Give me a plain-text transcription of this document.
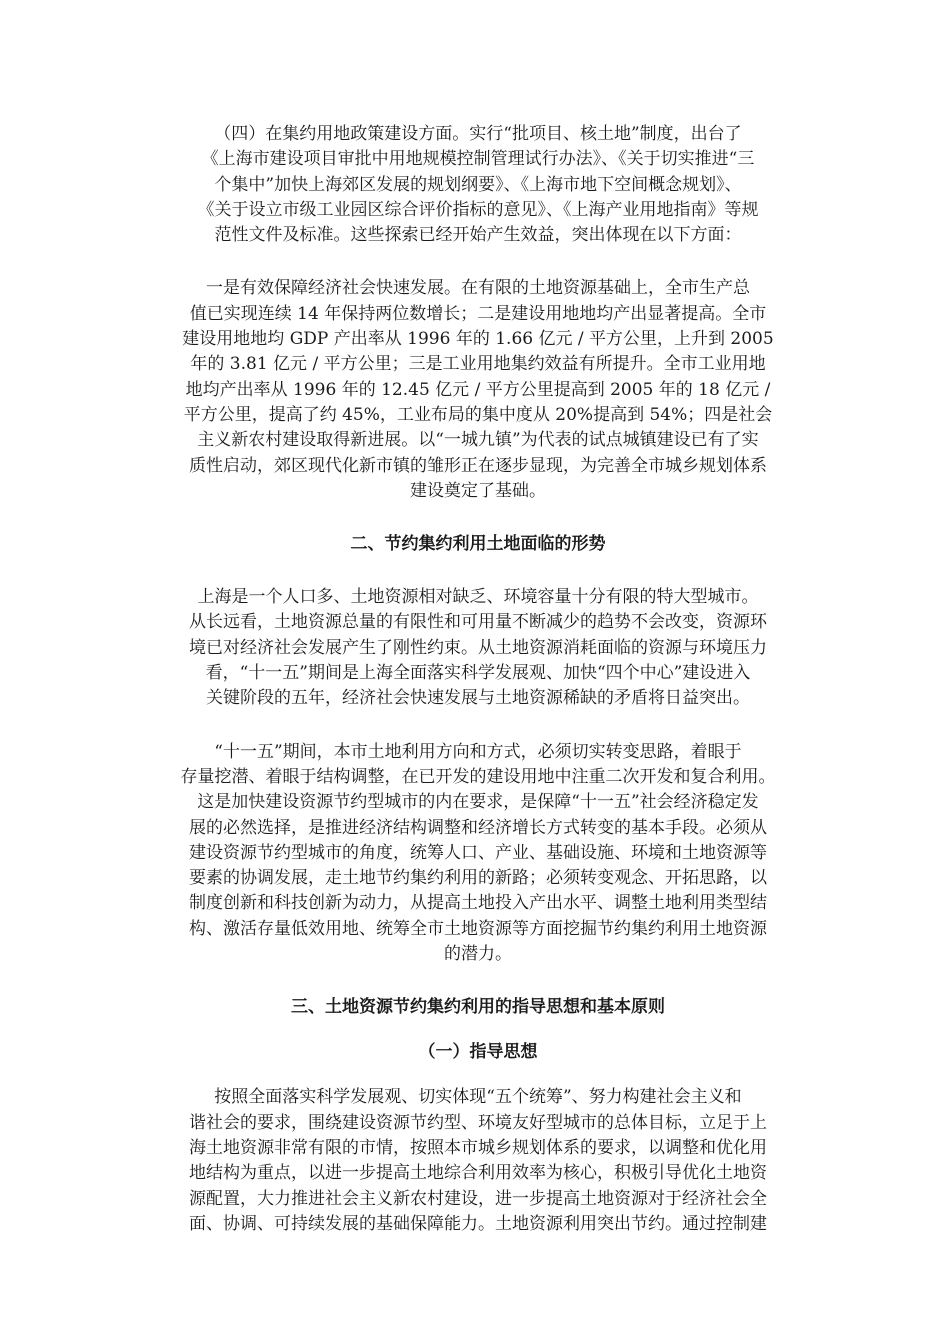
（四）在集约用地政策建设方面。实行“批项目、核土地”制度，出台了
《上海市建设项目审批中用地规模控制管理试行办法》、《关于切实推进“三
个集中”加快上海郊区发展的规划纲要》、《上海市地下空间概念规划》、
《关于设立市级工业园区综合评价指标的意见》、《上海产业用地指南》等规
范性文件及标准。这些探索已经开始产生效益，突出体现在以下方面：

一是有效保障经济社会快速发展。在有限的土地资源基础上，全市生产总
值已实现连续 14 年保持两位数增长；二是建设用地地均产出显著提高。全市
建设用地地均 GDP 产出率从 1996 年的 1.66 亿元 / 平方公里，上升到 2005
年的 3.81 亿元 / 平方公里；三是工业用地集约效益有所提升。全市工业用地
地均产出率从 1996 年的 12.45 亿元 / 平方公里提高到 2005 年的 18 亿元 /
平方公里，提高了约 45%，工业布局的集中度从 20%提高到 54%；四是社会
主义新农村建设取得新进展。以“一城九镇”为代表的试点城镇建设已有了实
质性启动，郊区现代化新市镇的雏形正在逐步显现，为完善全市城乡规划体系
建设奠定了基础。

二、节约集约利用土地面临的形势

上海是一个人口多、土地资源相对缺乏、环境容量十分有限的特大型城市。
从长远看，土地资源总量的有限性和可用量不断减少的趋势不会改变，资源环
境已对经济社会发展产生了刚性约束。从土地资源消耗面临的资源与环境压力
看，“十一五”期间是上海全面落实科学发展观、加快“四个中心”建设进入
关键阶段的五年，经济社会快速发展与土地资源稀缺的矛盾将日益突出。

“十一五”期间，本市土地利用方向和方式，必须切实转变思路，着眼于
存量挖潜、着眼于结构调整，在已开发的建设用地中注重二次开发和复合利用。
这是加快建设资源节约型城市的内在要求，是保障“十一五”社会经济稳定发
展的必然选择，是推进经济结构调整和经济增长方式转变的基本手段。必须从
建设资源节约型城市的角度，统筹人口、产业、基础设施、环境和土地资源等
要素的协调发展，走土地节约集约利用的新路；必须转变观念、开拓思路，以
制度创新和科技创新为动力，从提高土地投入产出水平、调整土地利用类型结
构、激活存量低效用地、统筹全市土地资源等方面挖掘节约集约利用土地资源
的潜力。

三、土地资源节约集约利用的指导思想和基本原则
（一）指导思想

按照全面落实科学发展观、切实体现“五个统筹”、努力构建社会主义和
谐社会的要求，围绕建设资源节约型、环境友好型城市的总体目标，立足于上
海土地资源非常有限的市情，按照本市城乡规划体系的要求，以调整和优化用
地结构为重点，以进一步提高土地综合利用效率为核心，积极引导优化土地资
源配置，大力推进社会主义新农村建设，进一步提高土地资源对于经济社会全
面、协调、可持续发展的基础保障能力。土地资源利用突出节约。通过控制建
